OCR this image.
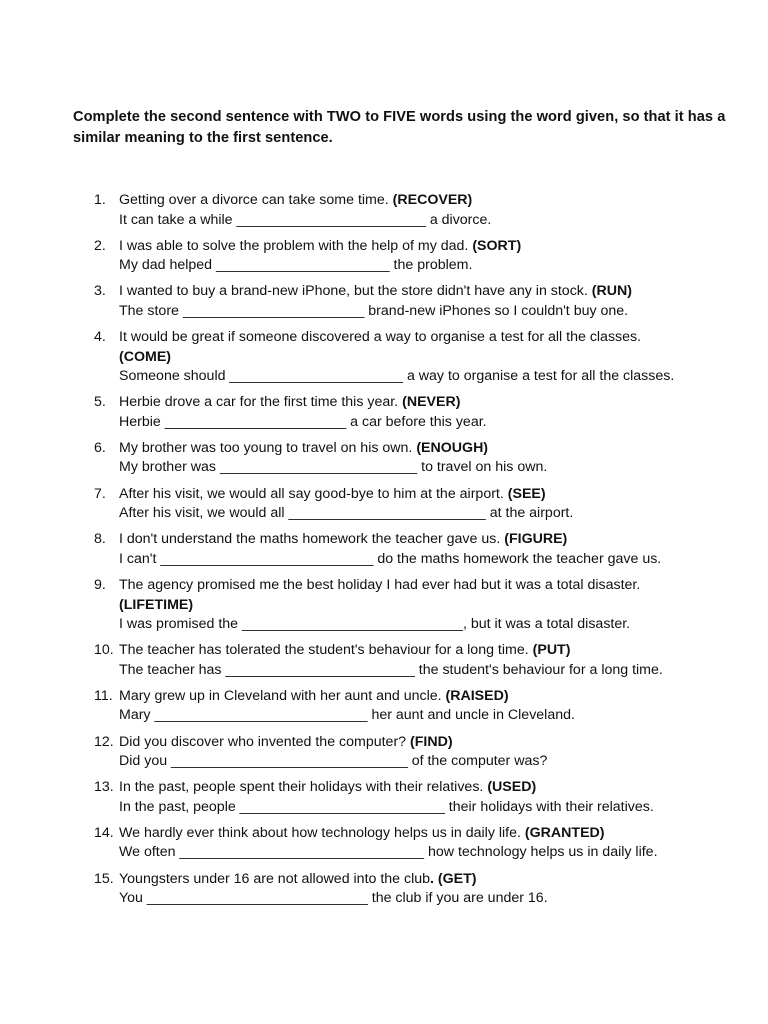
Complete the second sentence with TWO to FIVE words using the word given, so that it has a similar meaning to the first sentence.
1. Getting over a divorce can take some time. (RECOVER)
It can take a while ________________________ a divorce.
2. I was able to solve the problem with the help of my dad. (SORT)
My dad helped ______________________ the problem.
3. I wanted to buy a brand-new iPhone, but the store didn't have any in stock. (RUN)
The store _______________________ brand-new iPhones so I couldn't buy one.
4. It would be great if someone discovered a way to organise a test for all the classes.
(COME)
Someone should ______________________ a way to organise a test for all the classes.
5. Herbie drove a car for the first time this year. (NEVER)
Herbie _______________________ a car before this year.
6. My brother was too young to travel on his own. (ENOUGH)
My brother was _________________________ to travel on his own.
7. After his visit, we would all say good-bye to him at the airport. (SEE)
After his visit, we would all _________________________ at the airport.
8. I don't understand the maths homework the teacher gave us. (FIGURE)
I can't ___________________________ do the maths homework the teacher gave us.
9. The agency promised me the best holiday I had ever had but it was a total disaster.
(LIFETIME)
I was promised the ____________________________, but it was a total disaster.
10. The teacher has tolerated the student's behaviour for a long time. (PUT)
The teacher has ________________________ the student's behaviour for a long time.
11. Mary grew up in Cleveland with her aunt and uncle. (RAISED)
Mary ___________________________ her aunt and uncle in Cleveland.
12. Did you discover who invented the computer? (FIND)
Did you ______________________________ of the computer was?
13. In the past, people spent their holidays with their relatives. (USED)
In the past, people __________________________ their holidays with their relatives.
14. We hardly ever think about how technology helps us in daily life. (GRANTED)
We often _______________________________ how technology helps us in daily life.
15. Youngsters under 16 are not allowed into the club. (GET)
You ____________________________ the club if you are under 16.
